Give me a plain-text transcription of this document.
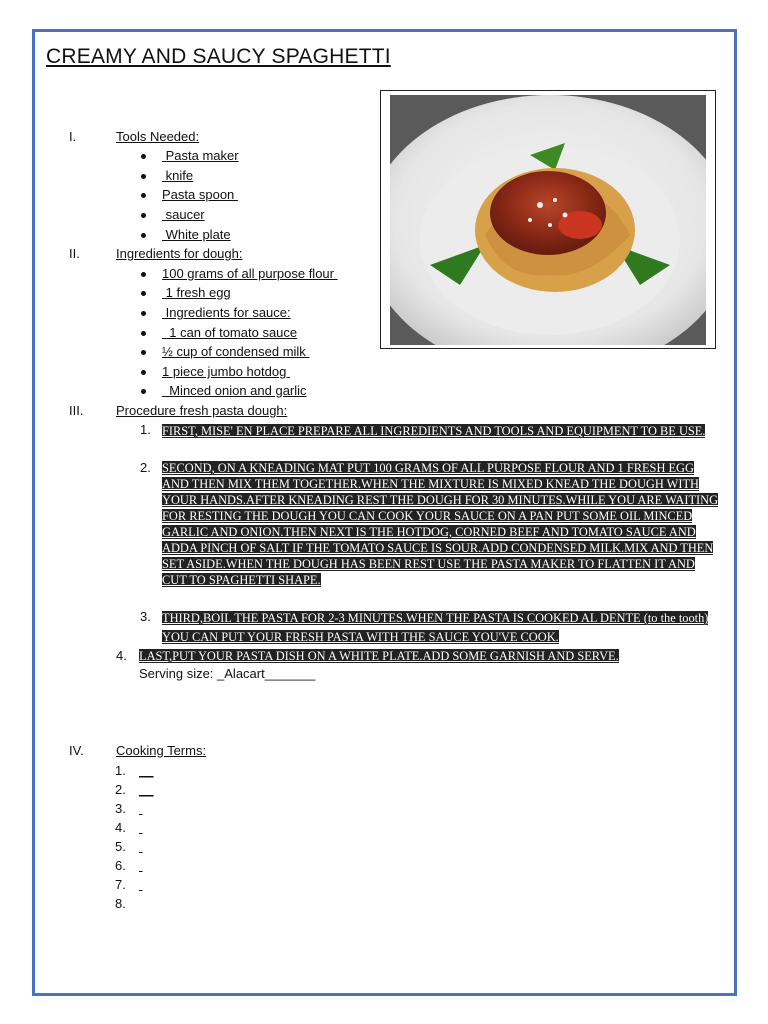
CREAMY AND SAUCY SPAGHETTI
I.	Tools Needed:
Pasta maker
knife
Pasta spoon
saucer
White plate
II.	Ingredients for dough:
100 grams of all purpose flour
1 fresh egg
Ingredients for sauce:
1 can of tomato sauce
½ cup of condensed milk
1 piece jumbo hotdog
Minced onion and garlic
III.	Procedure fresh pasta dough:
1. FIRST, MISE' EN PLACE PREPARE ALL INGREDIENTS AND TOOLS AND EQUIPMENT TO BE USE.
2. SECOND, ON A KNEADING MAT PUT 100 GRAMS OF ALL PURPOSE FLOUR AND 1 FRESH EGG AND THEN MIX THEM TOGETHER.WHEN THE MIXTURE IS MIXED KNEAD THE DOUGH WITH YOUR HANDS.AFTER KNEADING REST THE DOUGH FOR 30 MINUTES.WHILE YOU ARE WAITING FOR RESTING THE DOUGH YOU CAN COOK YOUR SAUCE ON A PAN PUT SOME OIL MINCED GARLIC AND ONION.THEN NEXT IS THE HOTDOG, CORNED BEEF AND TOMATO SAUCE AND ADDA PINCH OF SALT IF THE TOMATO SAUCE IS SOUR.ADD CONDENSED MILK.MIX AND THEN SET ASIDE.WHEN THE DOUGH HAS BEEN REST USE THE PASTA MAKER TO FLATTEN IT AND CUT TO SPAGHETTI SHAPE.
3. THIRD,BOIL THE PASTA FOR 2-3 MINUTES.WHEN THE PASTA IS COOKED AL DENTE (to the tooth) YOU CAN PUT YOUR FRESH PASTA WITH THE SAUCE YOU'VE COOK.
4. LAST,PUT YOUR PASTA DISH ON A WHITE PLATE.ADD SOME GARNISH AND SERVE.
Serving size: _Alacart_______
IV. Cooking Terms:
1. __
2. __
3.

4.

5.

6.

7.

8.
